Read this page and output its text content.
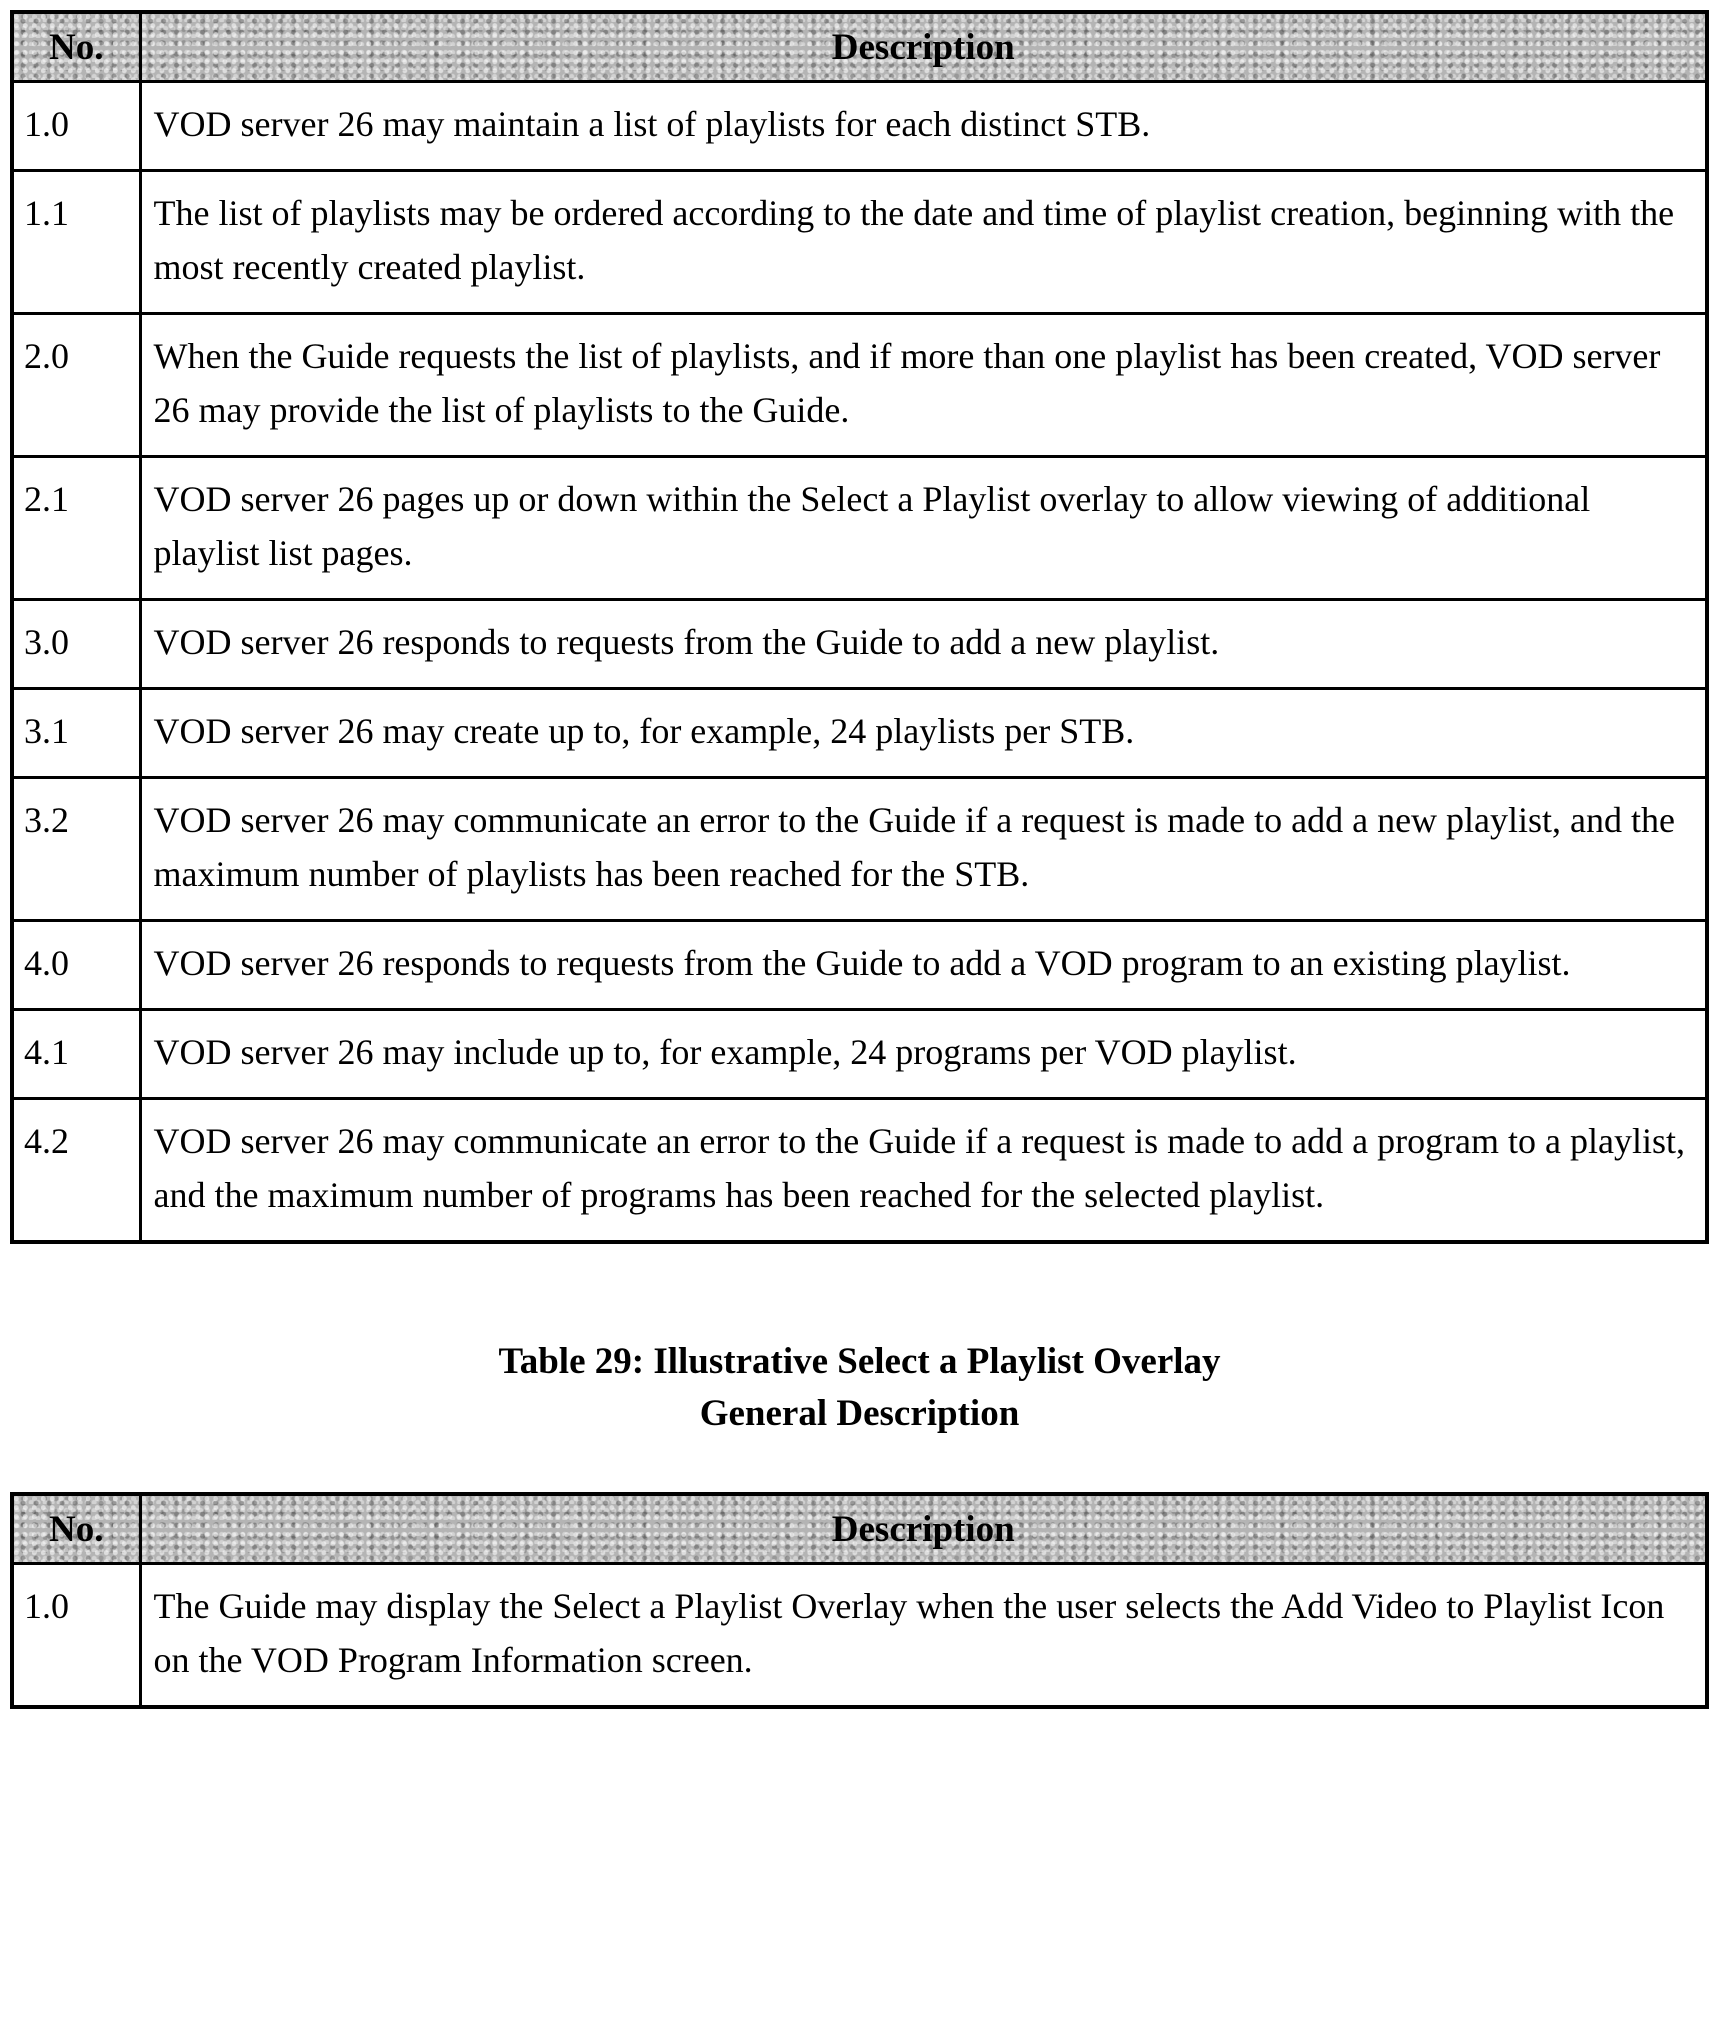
No.	Description
1.0	VOD server 26 may maintain a list of playlists for each distinct STB.
1.1	The list of playlists may be ordered according to the date and time of playlist creation, beginning with the most recently created playlist.
2.0	When the Guide requests the list of playlists, and if more than one playlist has been created, VOD server 26 may provide the list of playlists to the Guide.
2.1	VOD server 26 pages up or down within the Select a Playlist overlay to allow viewing of additional playlist list pages.
3.0	VOD server 26 responds to requests from the Guide to add a new playlist.
3.1	VOD server 26 may create up to, for example, 24 playlists per STB.
3.2	VOD server 26 may communicate an error to the Guide if a request is made to add a new playlist, and the maximum number of playlists has been reached for the STB.
4.0	VOD server 26 responds to requests from the Guide to add a VOD program to an existing playlist.
4.1	VOD server 26 may include up to, for example, 24 programs per VOD playlist.
4.2	VOD server 26 may communicate an error to the Guide if a request is made to add a program to a playlist, and the maximum number of programs has been reached for the selected playlist.
Table 29: Illustrative Select a Playlist Overlay
General Description
No.	Description
1.0	The Guide may display the Select a Playlist Overlay when the user selects the Add Video to Playlist Icon on the VOD Program Information screen.
